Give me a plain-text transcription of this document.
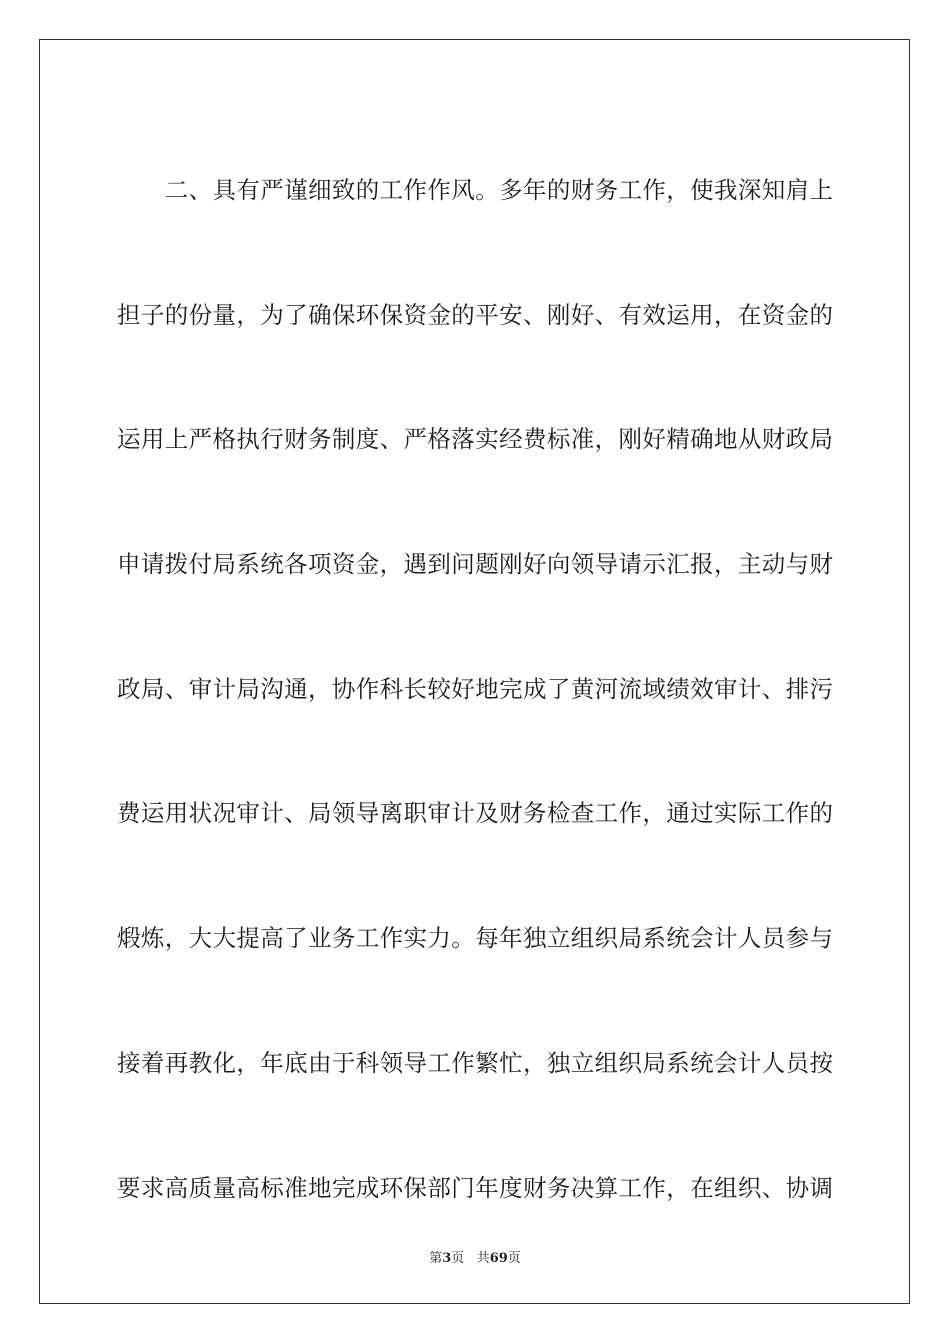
　　二、具有严谨细致的工作作风。多年的财务工作，使我深知肩上
担子的份量，为了确保环保资金的平安、刚好、有效运用，在资金的
运用上严格执行财务制度、严格落实经费标准，刚好精确地从财政局
申请拨付局系统各项资金，遇到问题刚好向领导请示汇报，主动与财
政局、审计局沟通，协作科长较好地完成了黄河流域绩效审计、排污
费运用状况审计、局领导离职审计及财务检查工作，通过实际工作的
煅炼，大大提高了业务工作实力。每年独立组织局系统会计人员参与
接着再教化，年底由于科领导工作繁忙，独立组织局系统会计人员按
要求高质量高标准地完成环保部门年度财务决算工作，在组织、协调
第3页 共69页
